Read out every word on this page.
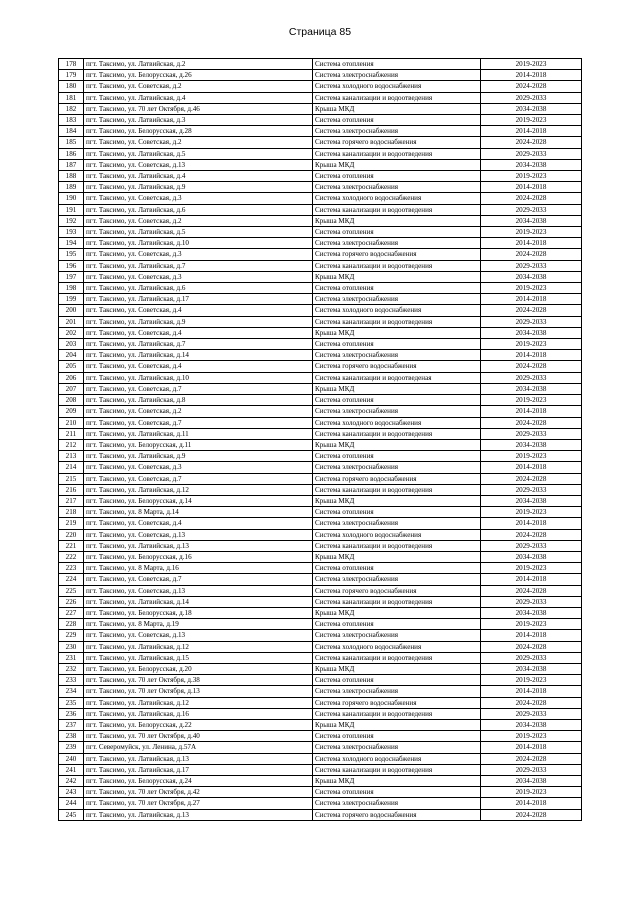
Страница 85
178	пгт. Таксимо, ул. Латвийская, д.2	Система отопления	2019-2023
179	пгт. Таксимо, ул. Белорусская, д.26	Система электроснабжения	2014-2018
180	пгт. Таксимо, ул. Советская, д.2	Система холодного водоснабжения	2024-2028
181	пгт. Таксимо, ул. Латвийская, д.4	Система канализации и водоотведения	2029-2033
182	пгт. Таксимо, ул. 70 лет Октября, д.46	Крыша МКД	2034-2038
183	пгт. Таксимо, ул. Латвийская, д.3	Система отопления	2019-2023
184	пгт. Таксимо, ул. Белорусская, д.28	Система электроснабжения	2014-2018
185	пгт. Таксимо, ул. Советская, д.2	Система горячего водоснабжения	2024-2028
186	пгт. Таксимо, ул. Латвийская, д.5	Система канализации и водоотведения	2029-2033
187	пгт. Таксимо, ул. Советская, д.13	Крыша МКД	2034-2038
188	пгт. Таксимо, ул. Латвийская, д.4	Система отопления	2019-2023
189	пгт. Таксимо, ул. Латвийская, д.9	Система электроснабжения	2014-2018
190	пгт. Таксимо, ул. Советская, д.3	Система холодного водоснабжения	2024-2028
191	пгт. Таксимо, ул. Латвийская, д.6	Система канализации и водоотведения	2029-2033
192	пгт. Таксимо, ул. Советская, д.2	Крыша МКД	2034-2038
193	пгт. Таксимо, ул. Латвийская, д.5	Система отопления	2019-2023
194	пгт. Таксимо, ул. Латвийская, д.10	Система электроснабжения	2014-2018
195	пгт. Таксимо, ул. Советская, д.3	Система горячего водоснабжения	2024-2028
196	пгт. Таксимо, ул. Латвийская, д.7	Система канализации и водоотведения	2029-2033
197	пгт. Таксимо, ул. Советская, д.3	Крыша МКД	2034-2038
198	пгт. Таксимо, ул. Латвийская, д.6	Система отопления	2019-2023
199	пгт. Таксимо, ул. Латвийская, д.17	Система электроснабжения	2014-2018
200	пгт. Таксимо, ул. Советская, д.4	Система холодного водоснабжения	2024-2028
201	пгт. Таксимо, ул. Латвийская, д.9	Система канализации и водоотведения	2029-2033
202	пгт. Таксимо, ул. Советская, д.4	Крыша МКД	2034-2038
203	пгт. Таксимо, ул. Латвийская, д.7	Система отопления	2019-2023
204	пгт. Таксимо, ул. Латвийская, д.14	Система электроснабжения	2014-2018
205	пгт. Таксимо, ул. Советская, д.4	Система горячего водоснабжения	2024-2028
206	пгт. Таксимо, ул. Латвийская, д.10	Система канализации и водоотведеная	2029-2033
207	пгт. Таксимо, ул. Советская, д.7	Крыша МКД	2034-2038
208	пгт. Таксимо, ул. Латвийская, д.8	Система отопления	2019-2023
209	пгт. Таксимо, ул. Советская, д.2	Система электроснабжения	2014-2018
210	пгт. Таксимо, ул. Советская, д.7	Система холодного водоснабжения	2024-2028
211	пгт. Таксимо, ул. Латвийская, д.11	Система канализации и водоотведения	2029-2033
212	пгт. Таксимо, ул. Белорусская, д.11	Крыша МКД	2034-2038
213	пгт. Таксимо, ул. Латвийская, д.9	Система отопления	2019-2023
214	пгт. Таксимо, ул. Советская, д.3	Система электроснабжения	2014-2018
215	пгт. Таксимо, ул. Советская, д.7	Система горячего водоснабжения	2024-2028
216	пгт. Таксимо, ул. Латвийская, д.12	Система канализации и водоотведения	2029-2033
217	пгт. Таксимо, ул. Белорусская, д.14	Крыша МКД	2034-2038
218	пгт. Таксимо, ул. 8 Марта, д.14	Система отопления	2019-2023
219	пгт. Таксимо, ул. Советская, д.4	Система электроснабжения	2014-2018
220	пгт. Таксимо, ул. Советская, д.13	Система холодного водоснабжения	2024-2028
221	пгт. Таксимо, ул. Латвийская, д.13	Система канализации и водоотведения	2029-2033
222	пгт. Таксимо, ул. Белорусская, д.16	Крыша МКД	2034-2038
223	пгт. Таксимо, ул. 8 Марта, д.16	Система отопления	2019-2023
224	пгт. Таксимо, ул. Советская, д.7	Система электроснабжения	2014-2018
225	пгт. Таксимо, ул. Советская, д.13	Система горячего водоснабжения	2024-2028
226	пгт. Таксимо, ул. Латвийская, д.14	Система канализации и водоотведения	2029-2033
227	пгт. Таксимо, ул. Белорусская, д.18	Крыша МКД	2034-2038
228	пгт. Таксимо, ул. 8 Марта, д.19	Система отопления	2019-2023
229	пгт. Таксимо, ул. Советская, д.13	Система электроснабжения	2014-2018
230	пгт. Таксимо, ул. Латвийская, д.12	Система холодного водоснабжения	2024-2028
231	пгт. Таксимо, ул. Латвийская, д.15	Система канализации и водоотведения	2029-2033
232	пгт. Таксимо, ул. Белорусская, д.20	Крыша МКД	2034-2038
233	пгт. Таксимо, ул. 70 лет Октября, д.38	Система отопления	2019-2023
234	пгт. Таксимо, ул. 70 лет Октября, д.13	Система электроснабжения	2014-2018
235	пгт. Таксимо, ул. Латвийская, д.12	Система горячего водоснабжения	2024-2028
236	пгт. Таксимо, ул. Латвийская, д.16	Система канализации и водоотведения	2029-2033
237	пгт. Таксимо, ул. Белорусская, д.22	Крыша МКД	2034-2038
238	пгт. Таксимо, ул. 70 лет Октября, д.40	Система отопления	2019-2023
239	пгт. Северомуйск, ул. Ленина, д.57А	Система электроснабжения	2014-2018
240	пгт. Таксимо, ул. Латвийская, д.13	Система холодного водоснабжения	2024-2028
241	пгт. Таксимо, ул. Латвийская, д.17	Система канализации и водоотведения	2029-2033
242	пгт. Таксимо, ул. Белорусская, д.24	Крыша МКД	2034-2038
243	пгт. Таксимо, ул. 70 лет Октября, д.42	Система отопления	2019-2023
244	пгт. Таксимо, ул. 70 лет Октября, д.27	Система электроснабжения	2014-2018
245	пгт. Таксимо, ул. Латвийская, д.13	Система горячего водоснабжения	2024-2028
